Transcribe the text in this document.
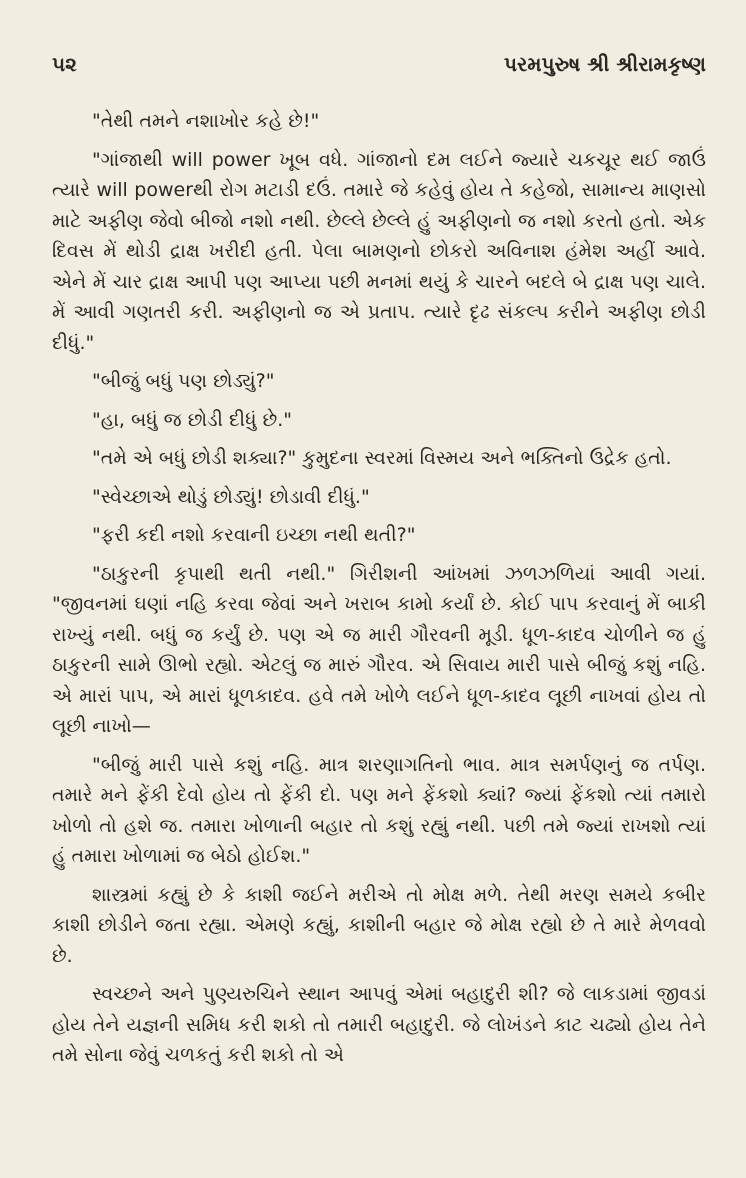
૫૨	પરમપુરુષ શ્રી શ્રીરામકૃષ્ણ

"તેથી તમને નશાખોર કહે છે!"

"ગાંજાથી will power ખૂબ વધે. ગાંજાનો દમ લઈને જ્યારે ચકચૂર થઈ જાઉં ત્યારે will powerથી રોગ મટાડી દઉં. તમારે જે કહેવું હોય તે કહેજો, સામાન્ય માણસો માટે અફીણ જેવો બીજો નશો નથી. છેલ્લે છેલ્લે હું અફીણનો જ નશો કરતો હતો. એક દિવસ મેં થોડી દ્રાક્ષ ખરીદી હતી. પેલા બામણનો છોકરો અવિનાશ હંમેશ અહીં આવે. એને મેં ચાર દ્રાક્ષ આપી પણ આપ્યા પછી મનમાં થયું કે ચારને બદલે બે દ્રાક્ષ પણ ચાલે. મેં આવી ગણતરી કરી. અફીણનો જ એ પ્રતાપ. ત્યારે દૃઢ સંકલ્પ કરીને અફીણ છોડી દીધું."

"બીજું બધું પણ છોડ્યું?"

"હા, બધું જ છોડી દીધું છે."

"તમે એ બધું છોડી શક્યા?" કુમુદના સ્વરમાં વિસ્મય અને ભક્તિનો ઉદ્રેક હતો.

"સ્વેચ્છાએ થોડું છોડ્યું! છોડાવી દીધું."

"ફરી કદી નશો કરવાની ઇચ્છા નથી થતી?"

"ઠાકુરની કૃપાથી થતી નથી." ગિરીશની આંખમાં ઝળઝળિયાં આવી ગયાં. "જીવનમાં ઘણાં નહિ કરવા જેવાં અને ખરાબ કામો કર્યાં છે. કોઈ પાપ કરવાનું મેં બાકી રાખ્યું નથી. બધું જ કર્યું છે. પણ એ જ મારી ગૌરવની મૂડી. ધૂળ-કાદવ ચોળીને જ હું ઠાકુરની સામે ઊભો રહ્યો. એટલું જ મારું ગૌરવ. એ સિવાય મારી પાસે બીજું કશું નહિ. એ મારાં પાપ, એ મારાં ધૂળકાદવ. હવે તમે ખોળે લઈને ધૂળ-કાદવ લૂછી નાખવાં હોય તો લૂછી નાખો—

"બીજું મારી પાસે કશું નહિ. માત્ર શરણાગતિનો ભાવ. માત્ર સમર્પણનું જ તર્પણ. તમારે મને ફેંકી દેવો હોય તો ફેંકી દો. પણ મને ફેંકશો ક્યાં? જ્યાં ફેંકશો ત્યાં તમારો ખોળો તો હશે જ. તમારા ખોળાની બહાર તો કશું રહ્યું નથી. પછી તમે જ્યાં રાખશો ત્યાં હું તમારા ખોળામાં જ બેઠો હોઈશ."

શાસ્ત્રમાં કહ્યું છે કે કાશી જઈને મરીએ તો મોક્ષ મળે. તેથી મરણ સમયે કબીર કાશી છોડીને જતા રહ્યા. એમણે કહ્યું, કાશીની બહાર જે મોક્ષ રહ્યો છે તે મારે મેળવવો છે.

સ્વચ્છને અને પુણ્યરુચિને સ્થાન આપવું એમાં બહાદુરી શી? જે લાકડામાં જીવડાં હોય તેને યજ્ઞની સમિધ કરી શકો તો તમારી બહાદુરી. જે લોખંડને કાટ ચઢ્યો હોય તેને તમે સોના જેવું ચળકતું કરી શકો તો એ
